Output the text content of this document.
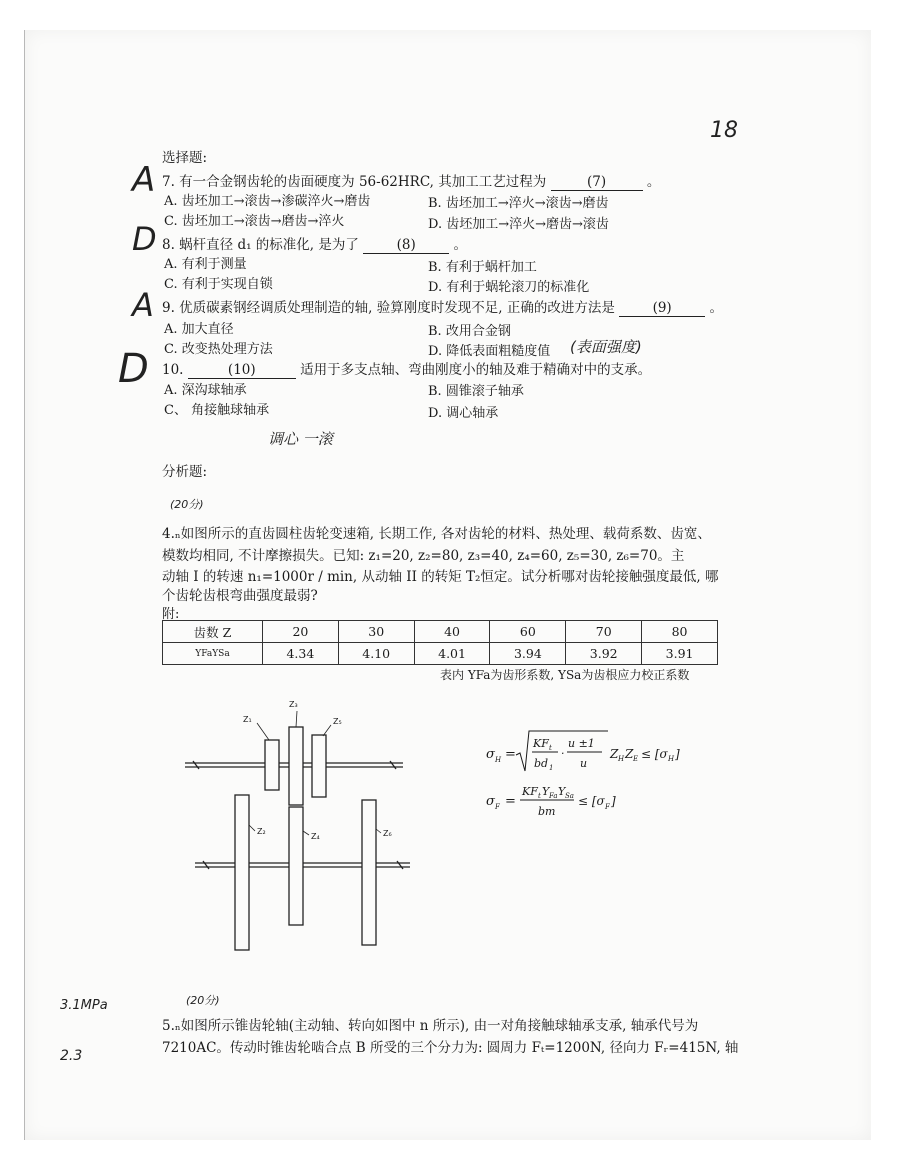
18
选择题:
A 7. 有一合金钢齿轮的齿面硬度为 56-62HRC, 其加工工艺过程为	(7)	。
A. 齿坯加工→滚齿→渗碳淬火→磨齿	B. 齿坯加工→淬火→滚齿→磨齿
C. 齿坯加工→滚齿→磨齿→淬火	D. 齿坯加工→淬火→磨齿→滚齿
D 8. 蜗杆直径 d₁ 的标准化, 是为了	(8)	。
A. 有利于测量	B. 有利于蜗杆加工
C. 有利于实现自锁	D. 有利于蜗轮滚刀的标准化
A 9. 优质碳素钢经调质处理制造的轴, 验算刚度时发现不足, 正确的改进方法是	(9)	。
A. 加大直径	B. 改用合金钢
C. 改变热处理方法	D. 降低表面粗糙度值 (表面强度)
D 10.	(10)	适用于多支点轴、弯曲刚度小的轴及难于精确对中的支承。
A. 深沟球轴承	B. 圆锥滚子轴承
C、 角接触球轴承	D. 调心轴承
调心 一滚
分析题:
(20分)
4.ₙ如图所示的直齿圆柱齿轮变速箱, 长期工作, 各对齿轮的材料、热处理、载荷系数、齿宽、
模数均相同, 不计摩擦损失。已知: z₁=20, z₂=80, z₃=40, z₄=60, z₅=30, z₆=70。主
动轴 I 的转速 n₁=1000r / min, 从动轴 II 的转矩 T₂恒定。试分析哪对齿轮接触强度最低, 哪
个齿轮齿根弯曲强度最弱?
附:
齿数 Z	20	30	40	60	70	80
YFaYSa	4.34	4.10	4.01	3.94	3.92	3.91
表内 YFa为齿形系数, YSa为齿根应力校正系数
Z₁
Z₃
Z₅
Z₂
Z₄	Z₆
σ H =
KF t
bd 1
·
u ±1
u
Z H Z E ≤ [σ H ]
σ F =
KF t Y Fa Y Sa
bm
≤ [σ F ]
(20分)
3.1MPa
2.3
5.ₙ如图所示锥齿轮轴(主动轴、转向如图中 n 所示), 由一对角接触球轴承支承, 轴承代号为
7210AC。传动时锥齿轮啮合点 B 所受的三个分力为: 圆周力 Fₜ=1200N, 径向力 Fᵣ=415N, 轴
